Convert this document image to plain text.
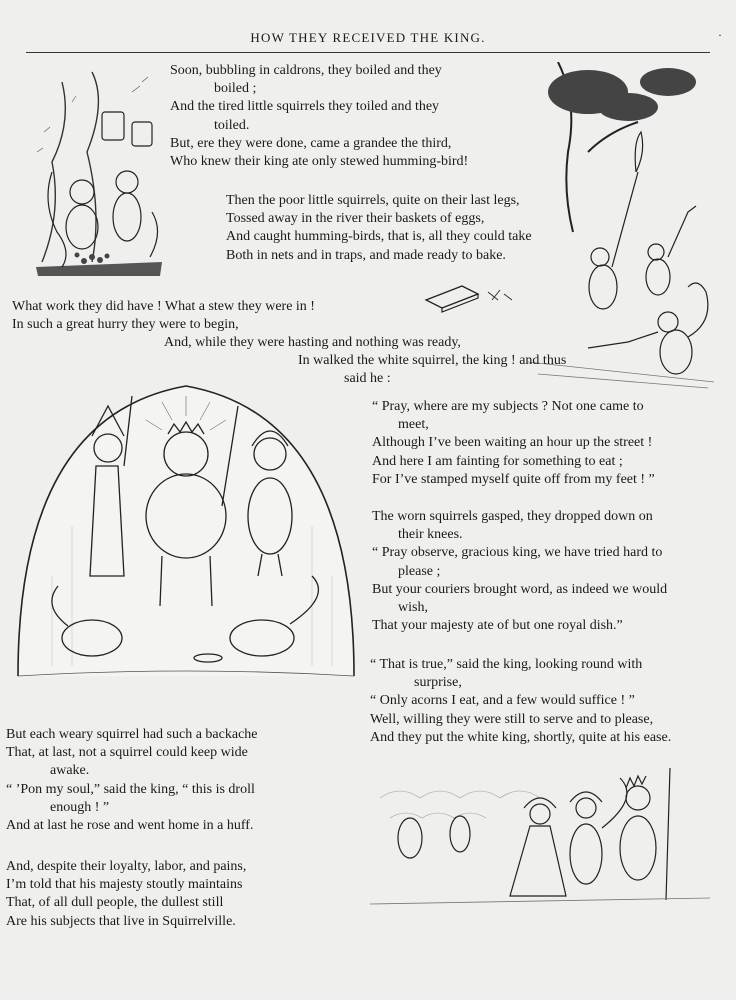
HOW THEY RECEIVED THE KING.	·
Soon, bubbling in caldrons, they boiled and they
boiled ;
And the tired little squirrels they toiled and they
toiled.
But, ere they were done, came a grandee the third,
Who knew their king ate only stewed humming-bird!
Then the poor little squirrels, quite on their last legs,
Tossed away in the river their baskets of eggs,
And caught humming-birds, that is, all they could take
Both in nets and in traps, and made ready to bake.
What work they did have ! What a stew they were in !
In such a great hurry they were to begin,
And, while they were hasting and nothing was ready,
In walked the white squirrel, the king ! and thus
said he :
“ Pray, where are my subjects ? Not one came to
meet,
Although I’ve been waiting an hour up the street !
And here I am fainting for something to eat ;
For I’ve stamped myself quite off from my feet ! ”
The worn squirrels gasped, they dropped down on
their knees.
“ Pray observe, gracious king, we have tried hard to
please ;
But your couriers brought word, as indeed we would
wish,
That your majesty ate of but one royal dish.”
“ That is true,” said the king, looking round with
surprise,
“ Only acorns I eat, and a few would suffice ! ”
Well, willing they were still to serve and to please,
And they put the white king, shortly, quite at his ease.
But each weary squirrel had such a backache
That, at last, not a squirrel could keep wide
awake.
“ ’Pon my soul,” said the king, “ this is droll
enough ! ”
And at last he rose and went home in a huff.
And, despite their loyalty, labor, and pains,
I’m told that his majesty stoutly maintains
That, of all dull people, the dullest still
Are his subjects that live in Squirrelville.
